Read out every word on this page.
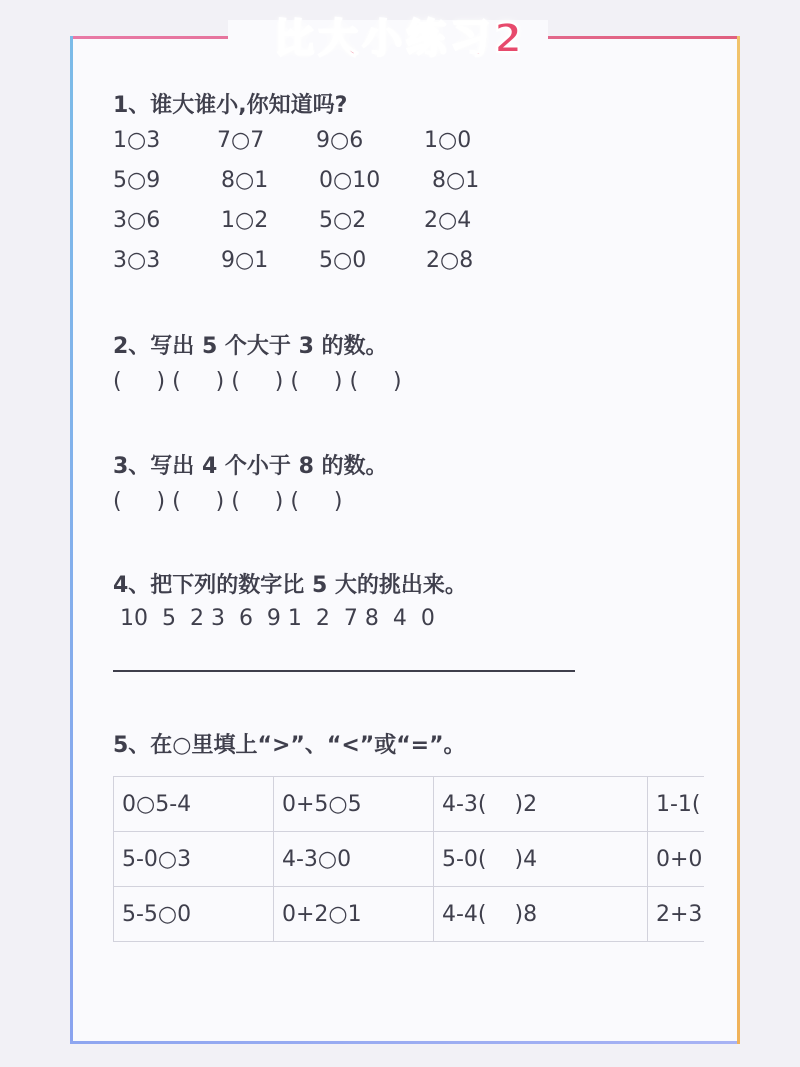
比大小练习2
1、谁大谁小,你知道吗?
1○3	7○7 9○6	1○0
5○9	8○1 0○10 8○1
3○6	1○2 5○2	2○4
3○3	9○1 5○0	2○8
2、写出 5 个大于 3 的数。
(     ) (     ) (     ) (     ) (     )
3、写出 4 个小于 8 的数。
(     ) (     ) (     ) (     )
4、把下列的数字比 5 大的挑出来。
10  5  2 3  6  9 1  2  7 8  4  0
5、在○里填上“>”、“<”或“=”。
0○5-4	0+5○5	4-3(    )2	1-1(
5-0○3	4-3○0	5-0(    )4	0+0
5-5○0	0+2○1	4-4(    )8	2+3
